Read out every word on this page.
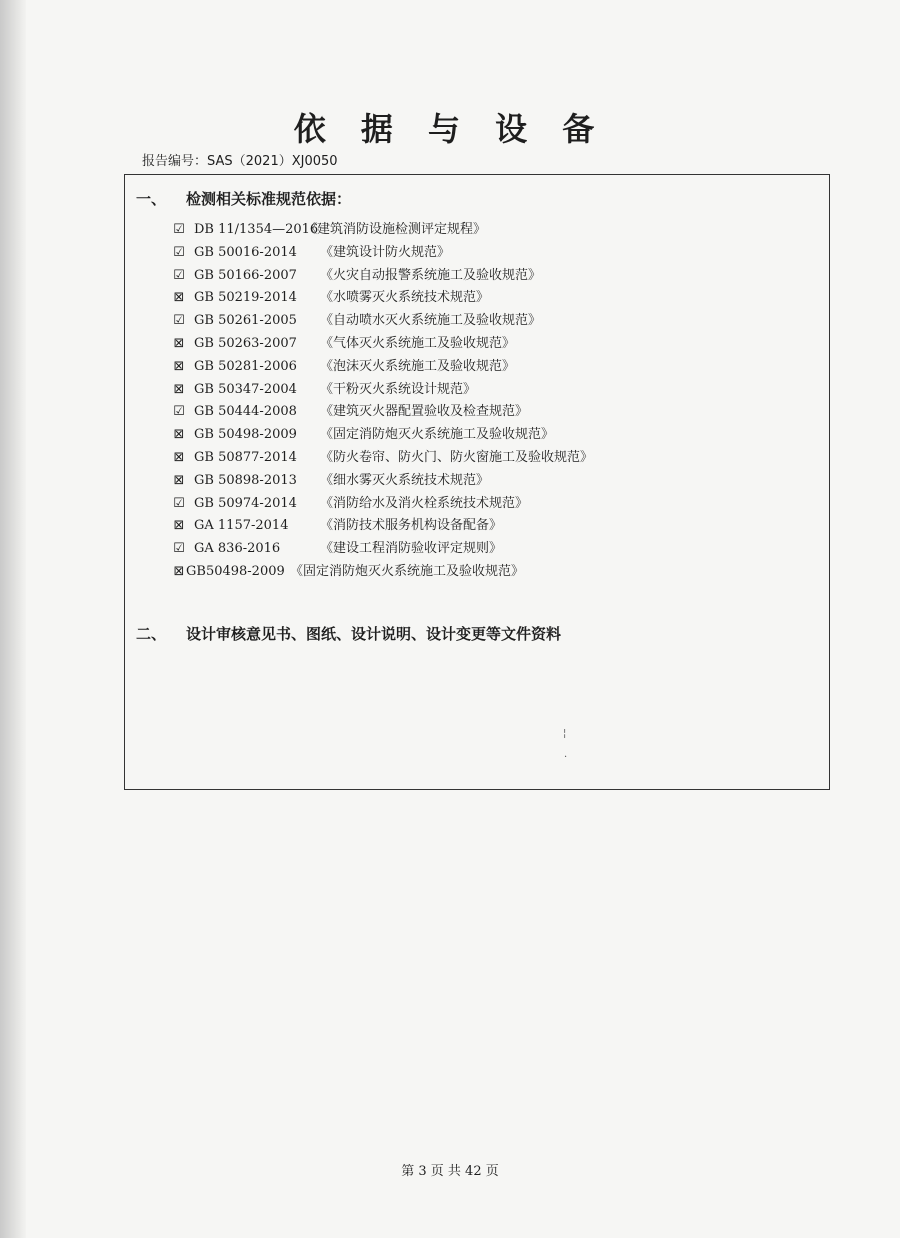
依 据 与 设 备
报告编号：SAS（2021）XJ0050
一、 检测相关标准规范依据：
☑ DB 11/1354—2016
《建筑消防设施检测评定规程》
☑ GB 50016-2014 《建筑设计防火规范》
☑ GB 50166-2007 《火灾自动报警系统施工及验收规范》
⊠ GB 50219-2014 《水喷雾灭火系统技术规范》
☑ GB 50261-2005 《自动喷水灭火系统施工及验收规范》
⊠ GB 50263-2007 《气体灭火系统施工及验收规范》
⊠ GB 50281-2006 《泡沫灭火系统施工及验收规范》
⊠ GB 50347-2004 《干粉灭火系统设计规范》
☑ GB 50444-2008 《建筑灭火器配置验收及检查规范》
⊠ GB 50498-2009 《固定消防炮灭火系统施工及验收规范》
⊠ GB 50877-2014 《防火卷帘、防火门、防火窗施工及验收规范》
⊠ GB 50898-2013 《细水雾灭火系统技术规范》
☑ GB 50974-2014 《消防给水及消火栓系统技术规范》
⊠ GA 1157-2014 《消防技术服务机构设备配备》
☑ GA 836-2016	《建设工程消防验收评定规则》
⊠ GB50498-2009 《固定消防炮灭火系统施工及验收规范》
二、 设计审核意见书、图纸、设计说明、设计变更等文件资料
¦
·
第 3 页 共 42 页
